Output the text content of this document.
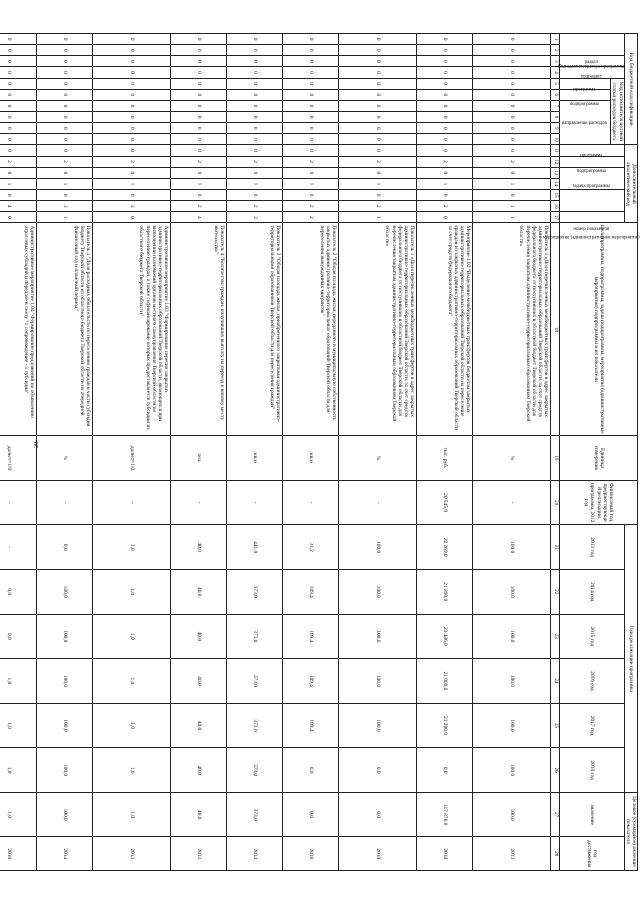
29
Код бюджетной классификации										Дополнительный аналитический код							Цели программы, подпрограммы, задачи подпрограммы, мероприятия (административные мероприятия) подпрограммы и их показатели	Единица измерения	Финансовый год, предшествующий реализации программы, 2012 год	Годы реализации программы						Целевое (суммарное) значение показателя	
Код администратора программы		раздел	подраздел	Код исполнителя целевой статьи расходов бюджета						программа	подпрограмма	задача программы		мероприятие (административное мероприятие)		номер показателя				2013 год	2014 год	2015 год	2016 год	2017 год	2018 год	значение	год достижения
				программа	подпрограмма	направление расходов																					
1	2	3	4	5	6	7	8	9	10	11	12	13	14	15	16	17	18	19	20	21	22	23	24	25	26	27	28
0	0	0	0	0	0	0	0	0	0	0	2	0	1	0	1	1	Показатель 1 «Доля перечисленных межбюджетных трансфертов в адрес закрытых административно-территориальных образований Тверской области, за счет средств федерального бюджета от поступивших в областной бюджет Тверской области для перечисления закрытым административно-территориальным образованиям Тверской области»	%	-	100,0	100,0	100,0	100,0	100,0	100,0	100,0	2013
0	0	0	0	0	0	0	0	0	0	0	2	0	1	0	2	0	Мероприятие 1.02 "Выделение межбюджетных трансфертов бюджетам закрытых административно-территориальных образований Тверской области на переселение граждан из закрытых административно-территориальных образований Тверской области за счет средств федерального бюджета"	тыс. руб.	20 545,0	22 269,0	21 898,0	23 486,0	21 000,0	21 200,0	0,0	117 876,0	2018
0	0	0	0	0	0	0	0	0	0	0	2	0	1	0	2	1	Показатель 1 «Доля перечисленных межбюджетных трансфертов в адрес закрытых административно-территориальных образований Тверской области, за счет средств федерального бюджета от поступивших в областной бюджет Тверской области для перечисления закрытым административно-территориальным образованиям Тверской области»	%	-	100,0	100,0	100,0	100,0	100,0	0,0	0,0	2018
0	0	0	0	0	0	0	0	0	0	0	2	0	1	0	2	2	Показатель 2 "Общая площадь жилья, переданного в муниципальную собственность закрытых административно-территориальных образований Тверской области для переселения вынужденных мигрантов"	кв.м	-	31,2	109,4	109,4	109,4	109,4	0,0	0,0	2018
0	0	0	0	0	0	0	0	0	0	0	2	0	1	0	2	3	Показатель 3 "Общая площадь жилья, приобретенного закрытыми административно-территориальными образованиями Тверской области для переселения граждан"	кв.м	-	441,0	373,0	373,0	373,0	373,0	373,0	373,0	2014
0	0	0	0	0	0	0	0	0	0	0	2	0	1	0	2	4	Показатель 4 "Количество граждан, получивших выплату на переезд к новому месту жительства"	чел.	-	40,0	40,0	40,0	40,0	40,0	40,0	40,0	2013
0	0	0	0	0	0	0	0	0	0	0	2	0	1	0	3	0	Административное мероприятие 1.03 "Формирование перечня закрытых административно-территориальных образований Тверской области, являющихся при выполнении полномочий органов местного самоуправления Тверской области по переселению граждан, а также софинансирование которых предоставляется субсидии из областного бюджета Тверской области"	да/нет=1/0	-	1,0	1,0	1,0	1,0	1,0	1,0	1,0	2013
0	0	0	0	0	0	0	0	0	0	0	2	0	1	0	3	1	Показатель 1 "Доля расходных обязательств по переселению граждан в части субсидии бюджету Тверской области из областного бюджета Тверской области на очередной финансовый год и плановый период"	%	-	0,0	100,0	100,0	100,0	100,0	100,0	100,0	2014
0	0	0	0	0	0	0	0	0	0	0	2	0	1	0	4	0	Административное мероприятие 1.04 "Формирование предложений по объявлению отраслевых субсидий и передаче в смету "1 сопровождение - 1 субсидия"	да/нет=1/0	-	-	0,0	0,0	1,0	1,0	1,0	1,0	2016
